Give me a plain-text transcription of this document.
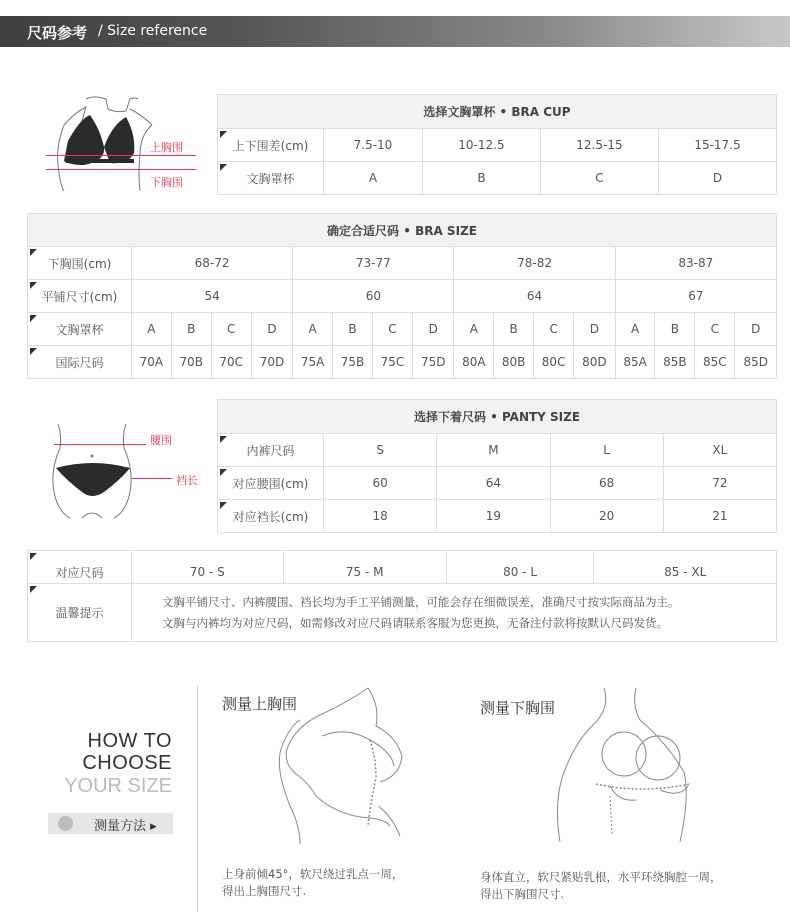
尺码参考 / Size reference
上胸围
下胸围
选择文胸罩杯 • BRA CUP				
上下围差(cm)	7.5-10	10-12.5	12.5-15	15-17.5
文胸罩杯	A	B	C	D
确定合适尺码 • BRA SIZE																
下胸围(cm)	68-72				73-77				78-82				83-87			
平铺尺寸(cm)	54				60				64				67			
文胸罩杯	A	B	C	D	A	B	C	D	A	B	C	D	A	B	C	D
国际尺码	70A	70B	70C	70D	75A	75B	75C	75D	80A	80B	80C	80D	85A	85B	85C	85D
腰围
裆长
选择下着尺码 • PANTY SIZE				
内裤尺码	S	M	L	XL
对应腰围(cm)	60	64	68	72
对应裆长(cm)	18	19	20	21
对应尺码	70 - S	75 - M	80 - L	85 - XL
温馨提示	文胸平铺尺寸、内裤腰围、裆长均为手工平铺测量，可能会存在细微误差，准确尺寸按实际商品为主。
文胸与内裤均为对应尺码，如需修改对应尺码请联系客服为您更换，无备注付款将按默认尺码发货。			
HOW TO
CHOOSE
YOUR SIZE
测量方法 ▸
测量上胸围
上身前倾45°，软尺绕过乳点一周，
得出上胸围尺寸.
测量下胸围
身体直立，软尺紧贴乳根，水平环绕胸腔一周，
得出下胸围尺寸.
